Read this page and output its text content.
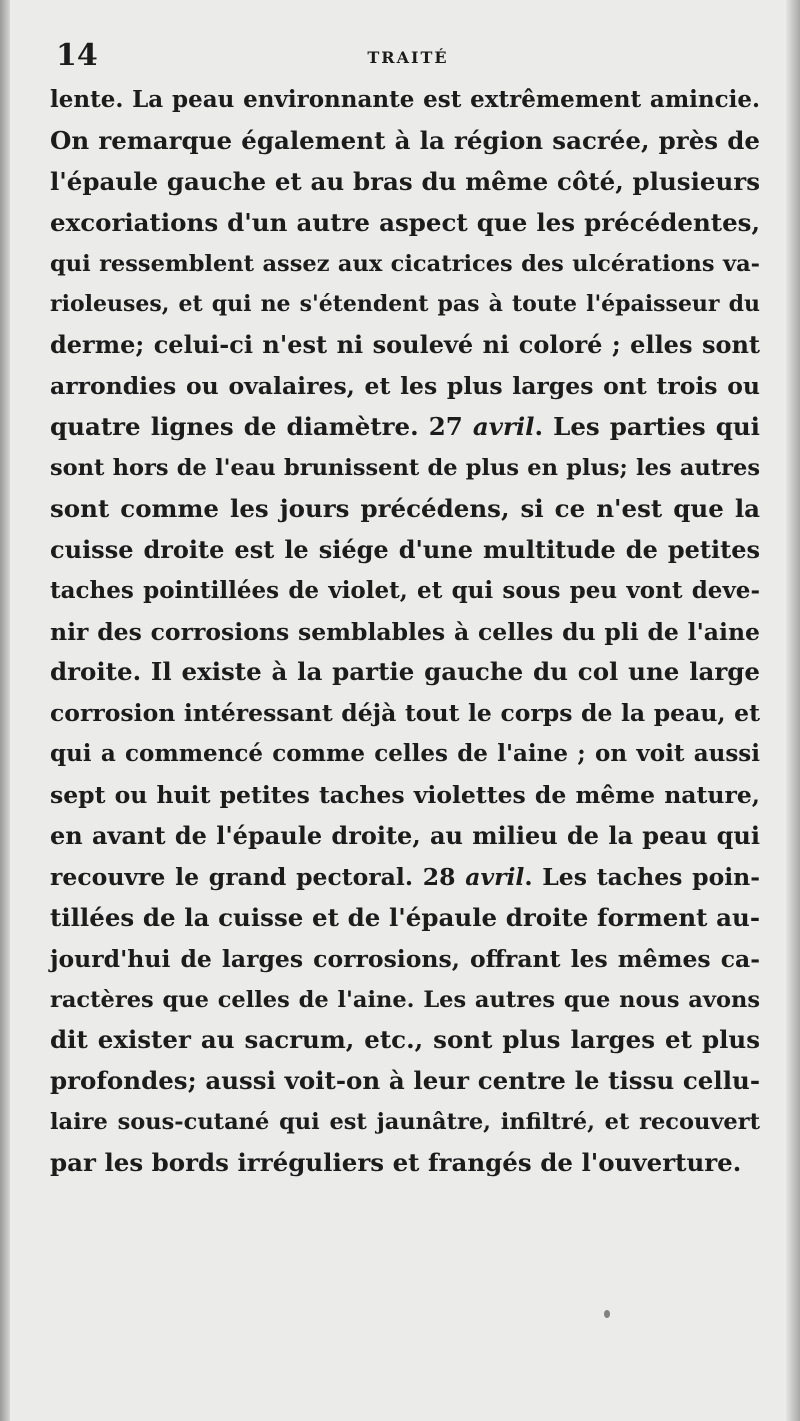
14	TRAITÉ
lente. La peau environnante est extrêmement amincie.
On remarque également à la région sacrée, près de
l'épaule gauche et au bras du même côté, plusieurs
excoriations d'un autre aspect que les précédentes,
qui ressemblent assez aux cicatrices des ulcérations va-
rioleuses, et qui ne s'étendent pas à toute l'épaisseur du
derme; celui-ci n'est ni soulevé ni coloré ; elles sont
arrondies ou ovalaires, et les plus larges ont trois ou
quatre lignes de diamètre. 27 avril. Les parties qui
sont hors de l'eau brunissent de plus en plus; les autres
sont comme les jours précédens, si ce n'est que la
cuisse droite est le siége d'une multitude de petites
taches pointillées de violet, et qui sous peu vont deve-
nir des corrosions semblables à celles du pli de l'aine
droite. Il existe à la partie gauche du col une large
corrosion intéressant déjà tout le corps de la peau, et
qui a commencé comme celles de l'aine ; on voit aussi
sept ou huit petites taches violettes de même nature,
en avant de l'épaule droite, au milieu de la peau qui
recouvre le grand pectoral. 28 avril. Les taches poin-
tillées de la cuisse et de l'épaule droite forment au-
jourd'hui de larges corrosions, offrant les mêmes ca-
ractères que celles de l'aine. Les autres que nous avons
dit exister au sacrum, etc., sont plus larges et plus
profondes; aussi voit-on à leur centre le tissu cellu-
laire sous-cutané qui est jaunâtre, infiltré, et recouvert
par les bords irréguliers et frangés de l'ouverture.
